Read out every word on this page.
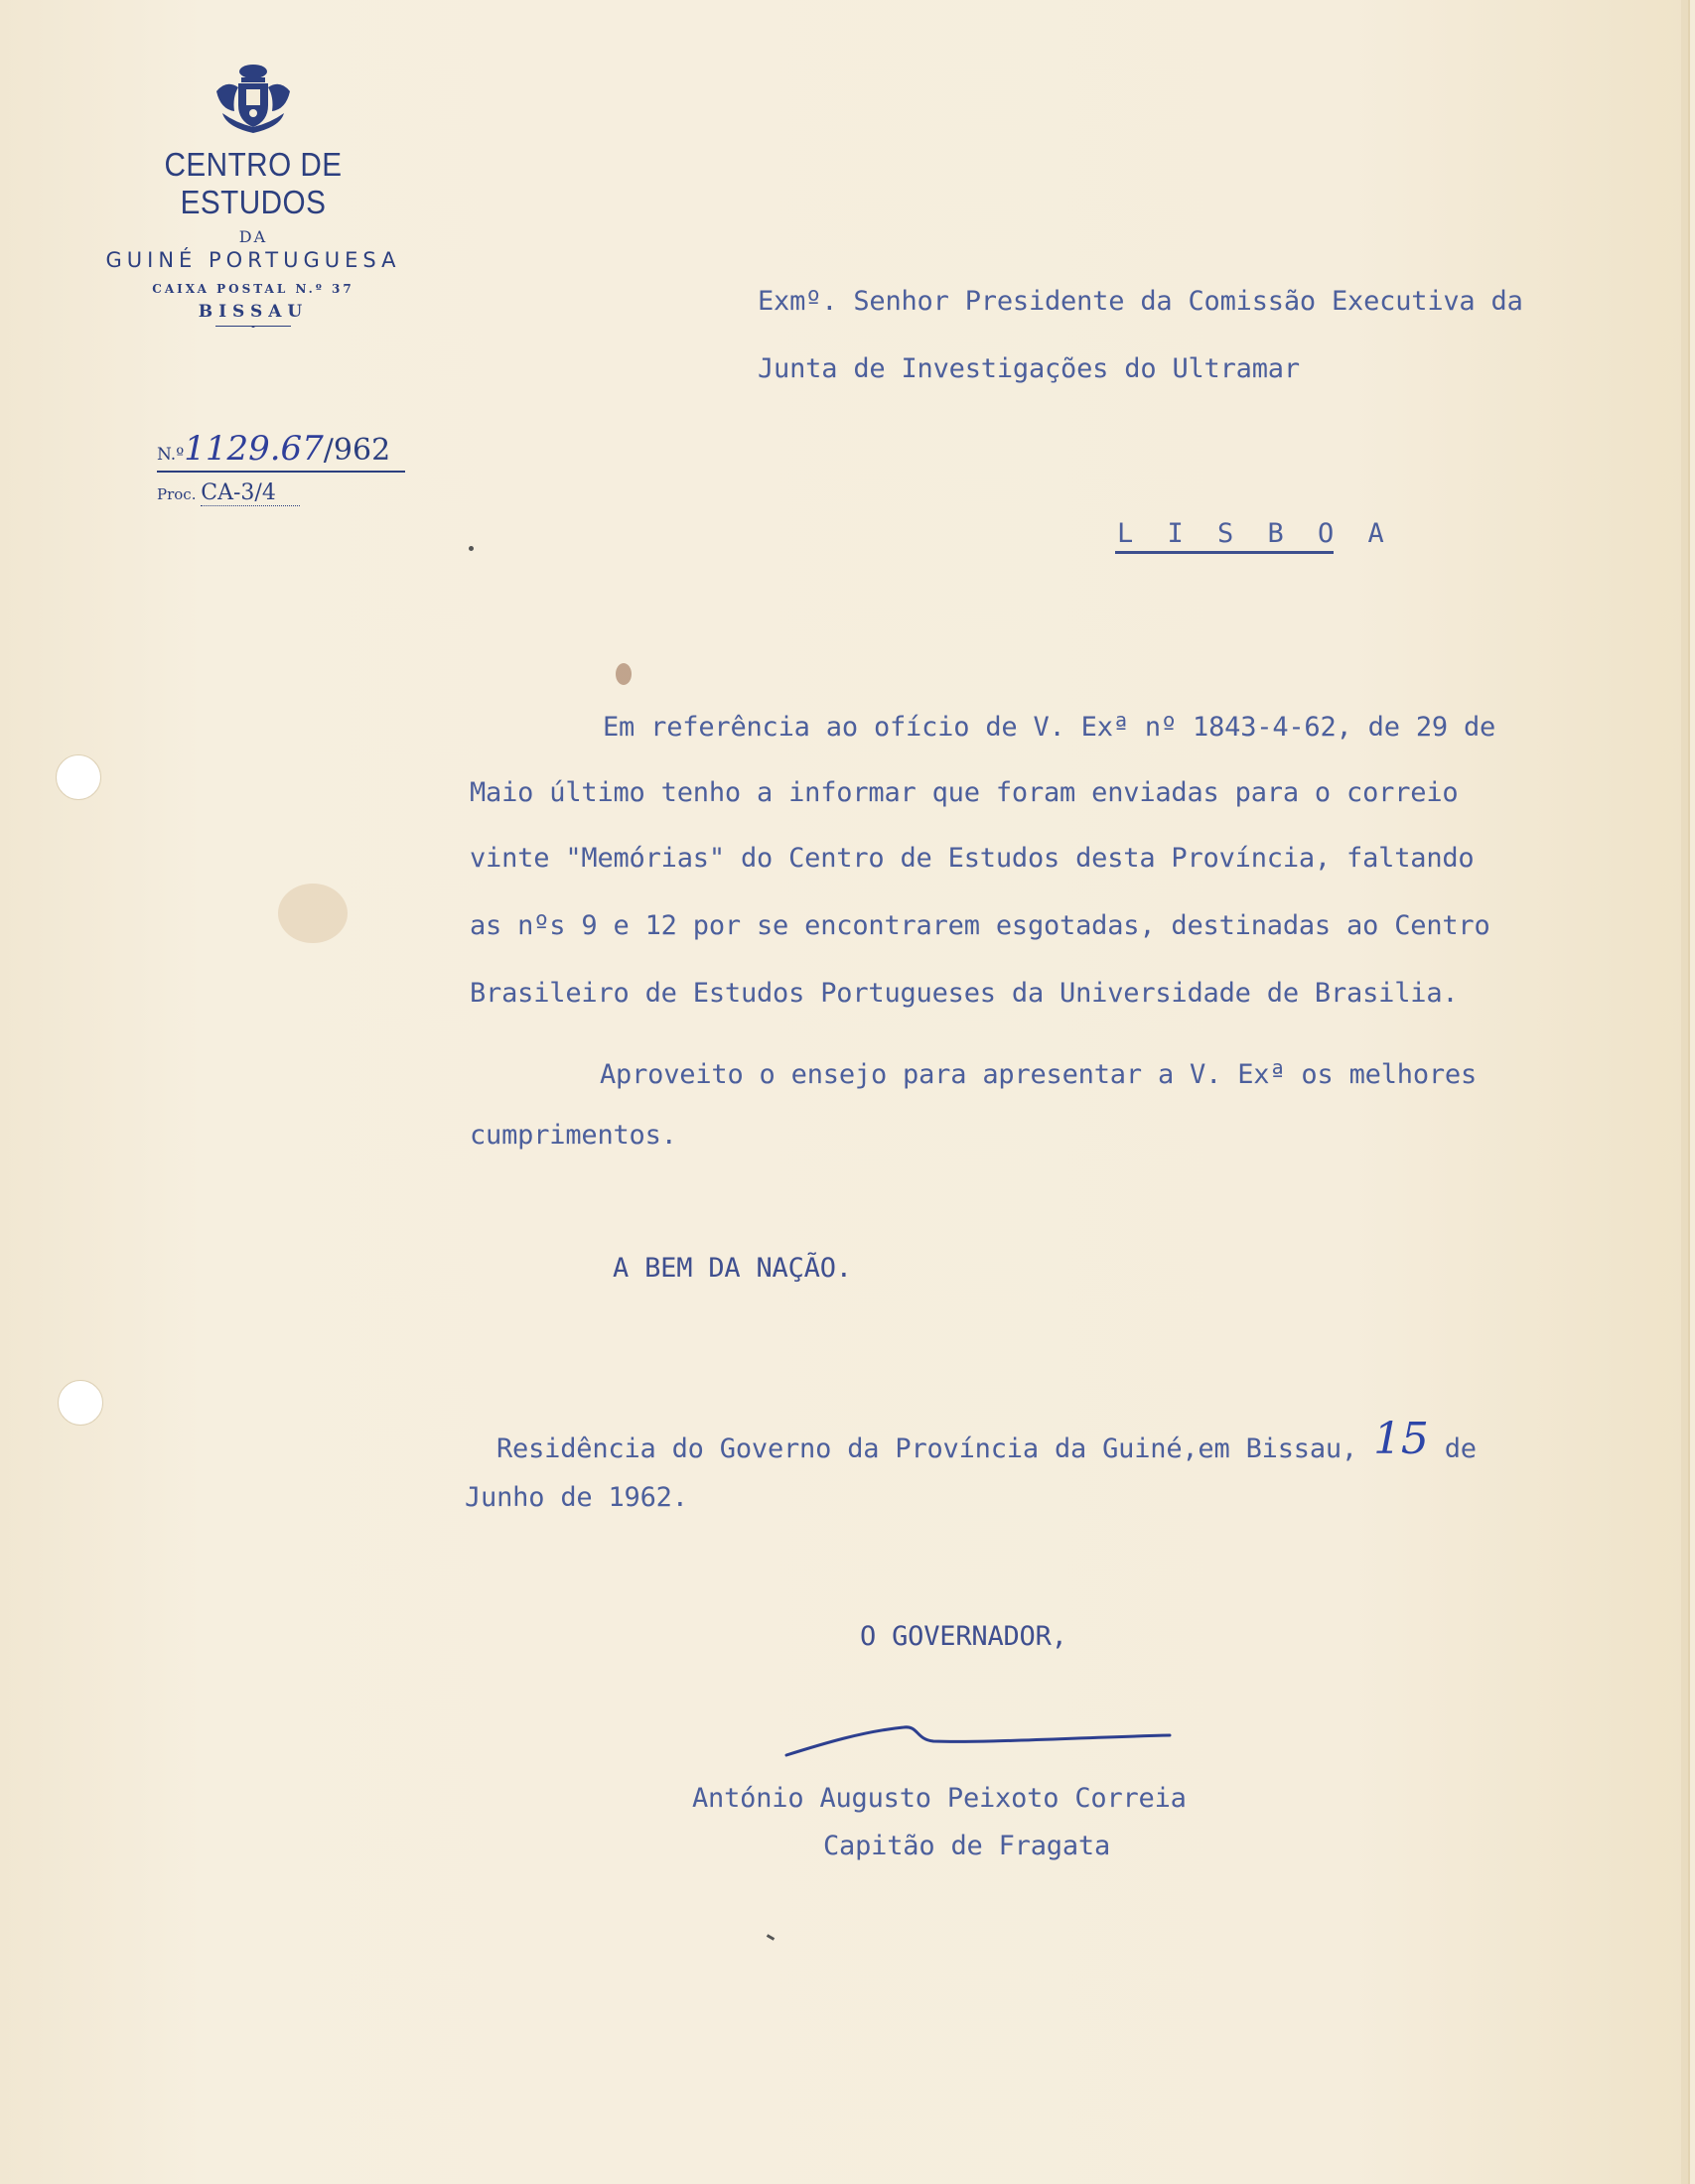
CENTRO DE ESTUDOS
DA
GUINÉ PORTUGUESA
CAIXA POSTAL N.º 37
BISSAU
˘
N.º1129.67/962
Proc. CA-3/4
Exmº. Senhor Presidente da Comissão Executiva da
Junta de Investigações do Ultramar
L I S B O A
Em referência ao ofício de V. Exª nº 1843-4-62, de 29 de
Maio último tenho a informar que foram enviadas para o correio
vinte "Memórias" do Centro de Estudos desta Província, faltando
as nºs 9 e 12 por se encontrarem esgotadas, destinadas ao Centro
Brasileiro de Estudos Portugueses da Universidade de Brasilia.
Aproveito o ensejo para apresentar a V. Exª os melhores
cumprimentos.
A BEM DA NAÇÃO.
Residência do Governo da Província da Guiné,em Bissau, 15 de
Junho de 1962.
O GOVERNADOR,
António Augusto Peixoto Correia
Capitão de Fragata
